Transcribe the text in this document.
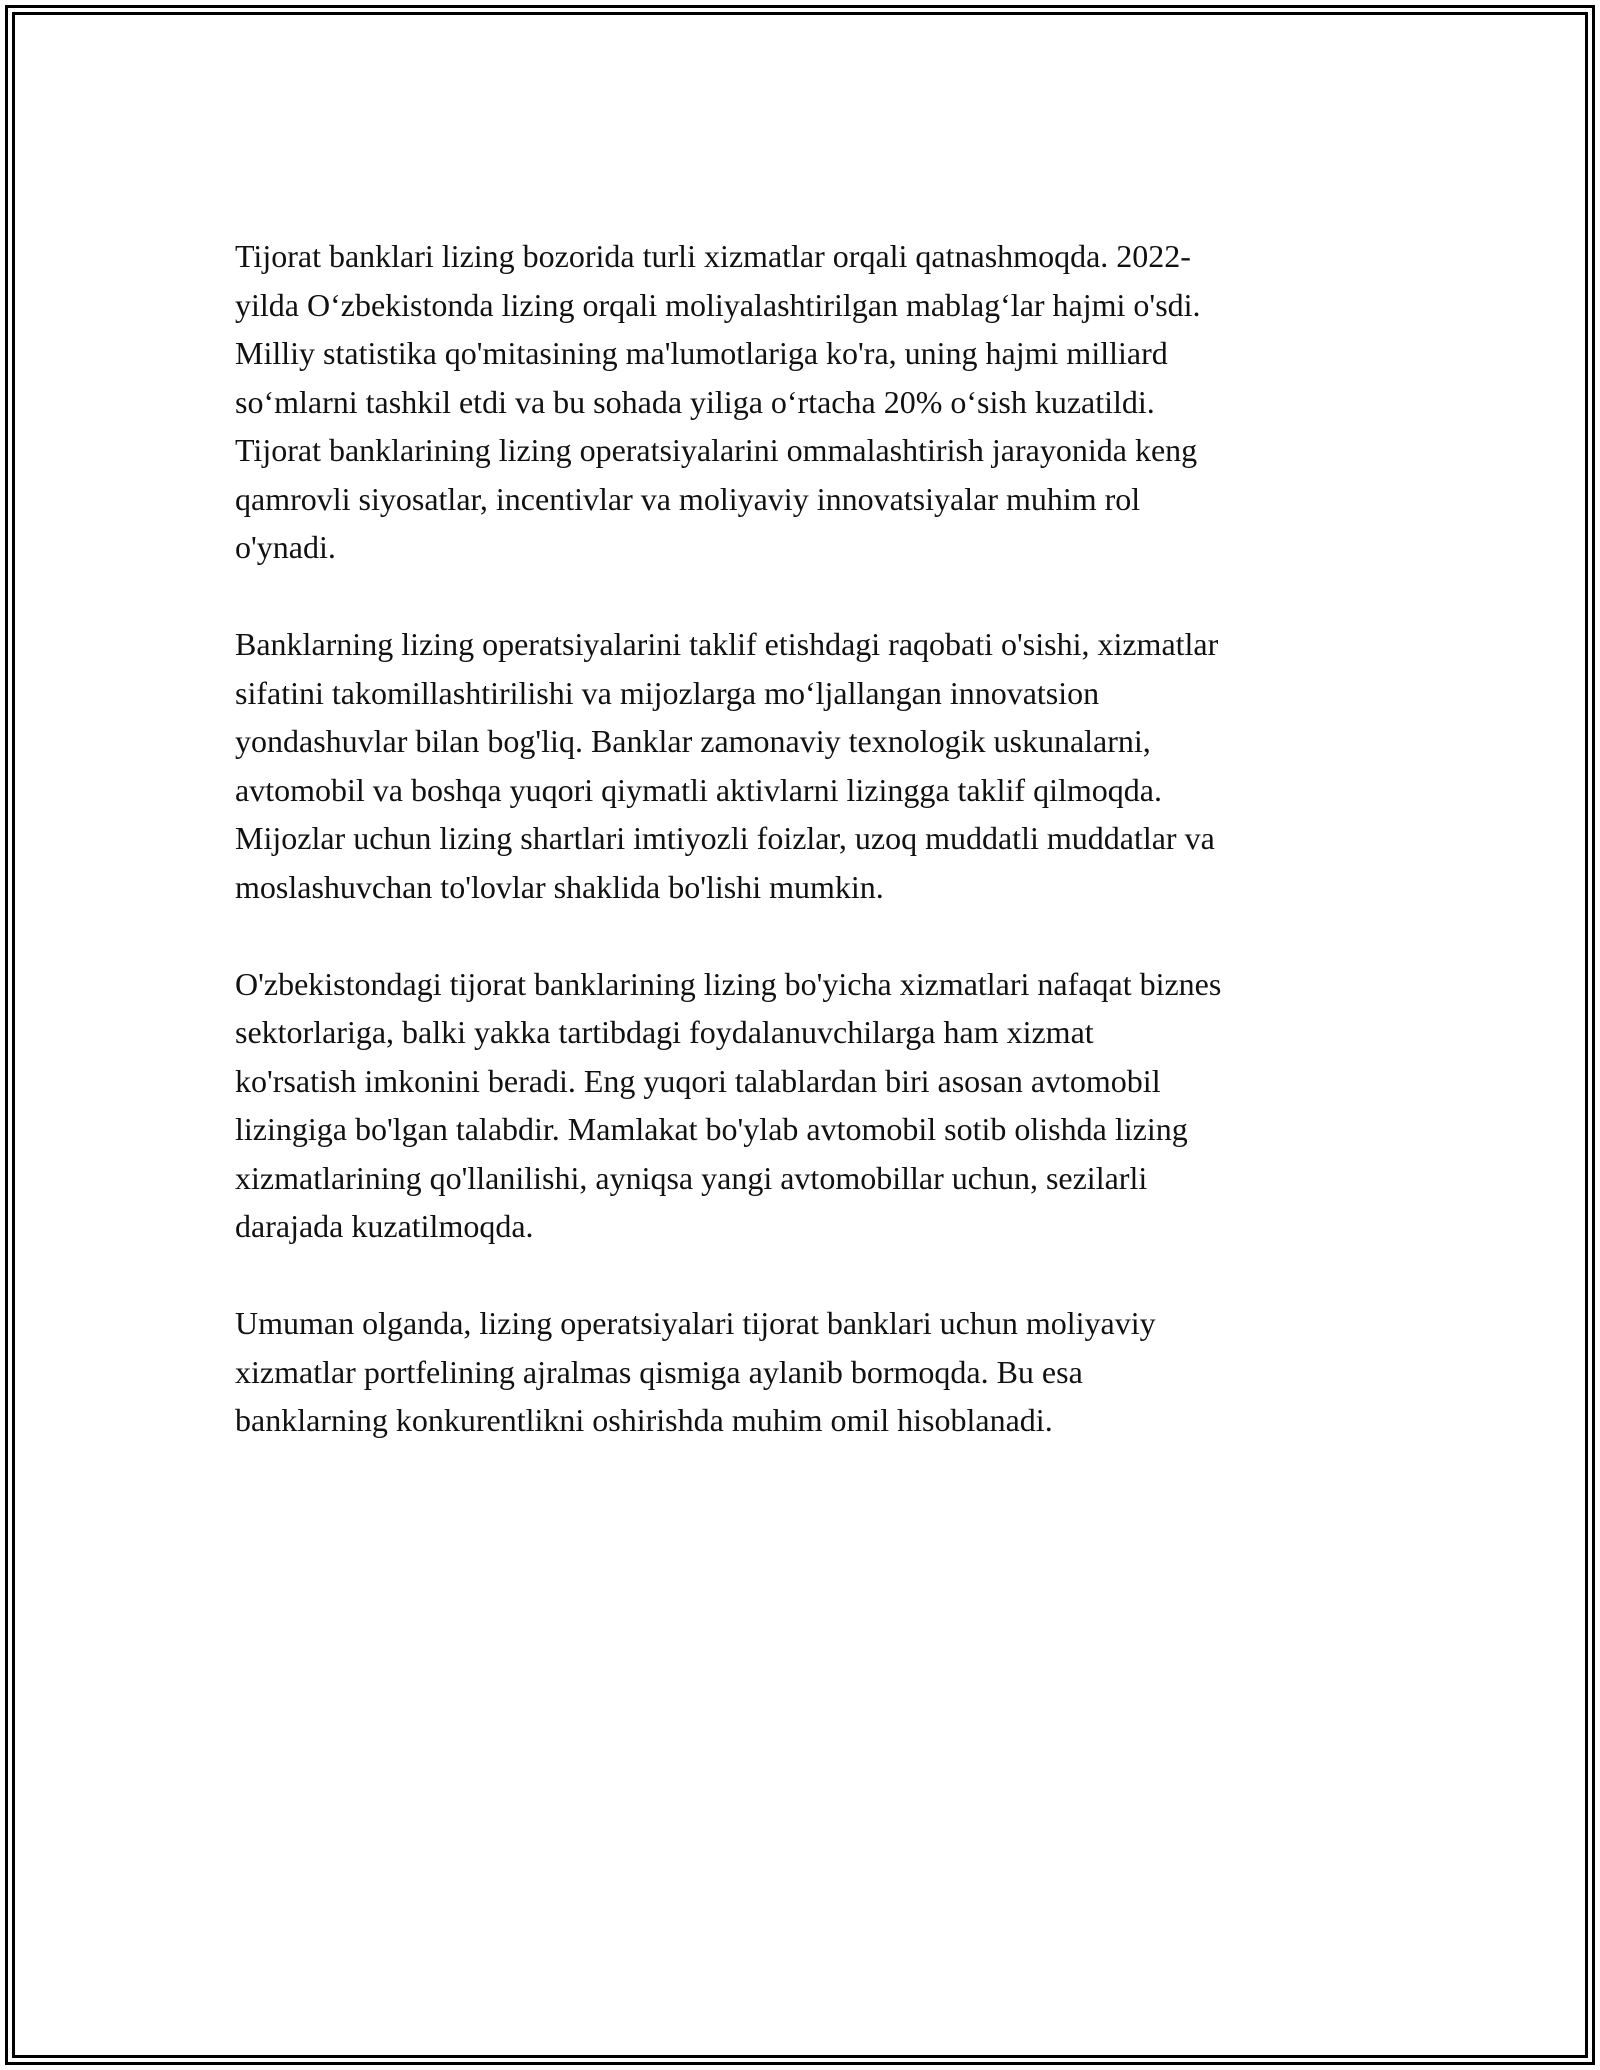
Tijorat banklari lizing bozorida turli xizmatlar orqali qatnashmoqda. 2022-
yilda O‘zbekistonda lizing orqali moliyalashtirilgan mablag‘lar hajmi o's​di.
Milliy statistika qo'mitasining ma'lumotlariga ko'ra, uning hajmi milliard
so‘mlarni tashkil etdi va bu sohada yiliga o‘rtacha 20% o‘sish kuzatildi.
Tijorat banklarining lizing operatsiyalarini ommalashtirish jarayonida keng
qamrovli siyosatlar, incentivlar va moliyaviy innovatsiyalar muhim rol
o'ynadi.

Banklarning lizing operatsiyalarini taklif etishdagi raqobati o'sishi, xizmatlar
sifatini takomillashtirilishi va mijozlarga mo‘ljallangan innovatsion
yondashuvlar bilan bog'liq. Banklar zamonaviy texnologik uskunalarni,
avtomobil va boshqa yuqori qiymatli aktivlarni lizingga taklif qilmoqda.
Mijozlar uchun lizing shartlari imtiyozli foizlar, uzoq muddatli muddatlar va
moslashuvchan to'lovlar shaklida bo'lishi mumkin.

O'zbekistondagi tijorat banklarining lizing bo'yicha xizmatlari nafaqat biznes
sektorlariga, balki yakka tartibdagi foydalanuvchilarga ham xizmat
ko'rsatish imkonini beradi. Eng yuqori talablardan biri asosan avtomobil
lizingiga bo'lgan talabdir. Mamlakat bo'ylab avtomobil sotib olishda lizing
xizmatlarining qo'llanilishi, ayniqsa yangi avtomobillar uchun, sezilarli
darajada kuzatilmoqda.

Umuman olganda, lizing operatsiyalari tijorat banklari uchun moliyaviy
xizmatlar portfelining ajralmas qismiga aylanib bormoqda. Bu esa
banklarning konkurentlikni oshirishda muhim omil hisoblanadi.
